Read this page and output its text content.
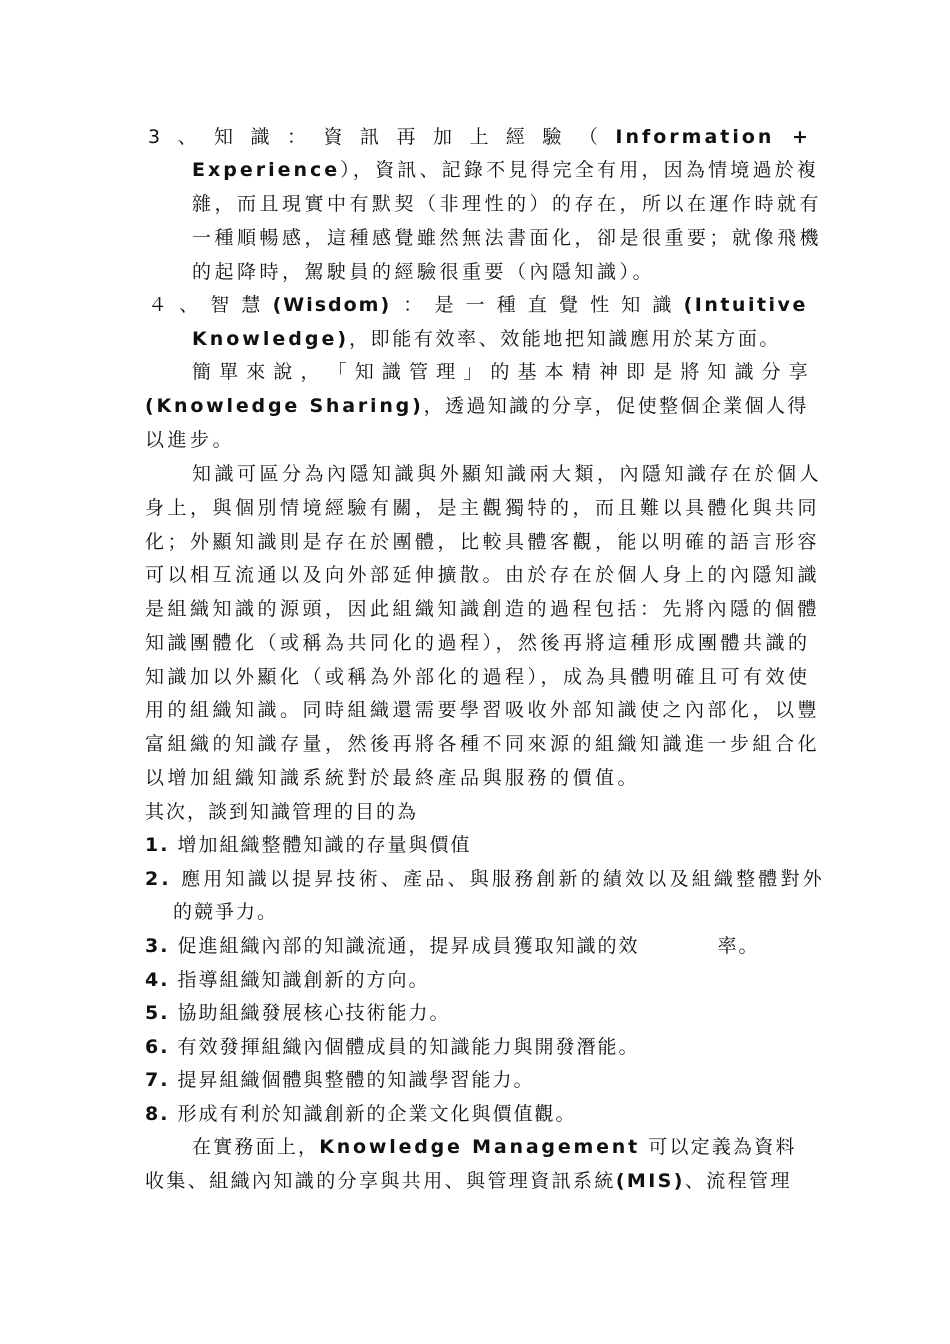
3 、 知 識 ： 資 訊 再 加 上 經 驗 （ Information +
Experience），資訊、記錄不見得完全有用，因為情境過於複
雜，而且現實中有默契（非理性的）的存在，所以在運作時就有
一種順暢感，這種感覺雖然無法書面化，卻是很重要；就像飛機
的起降時，駕駛員的經驗很重要（內隱知識）。
４ 、 智 慧 (Wisdom) ： 是 一 種 直 覺 性 知 識 (Intuitive
Knowledge)，即能有效率、效能地把知識應用於某方面。
簡 單 來 說 ， 「 知 識 管 理 」 的 基 本 精 神 即 是 將 知 識 分 享
(Knowledge Sharing)，透過知識的分享，促使整個企業個人得
以進步。
知識可區分為內隱知識與外顯知識兩大類，內隱知識存在於個人
身上，與個別情境經驗有關，是主觀獨特的，而且難以具體化與共同
化；外顯知識則是存在於團體，比較具體客觀，能以明確的語言形容
可以相互流通以及向外部延伸擴散。由於存在於個人身上的內隱知識
是組織知識的源頭，因此組織知識創造的過程包括：先將內隱的個體
知識團體化（或稱為共同化的過程），然後再將這種形成團體共識的
知識加以外顯化（或稱為外部化的過程），成為具體明確且可有效使
用的組織知識。同時組織還需要學習吸收外部知識使之內部化，以豐
富組織的知識存量，然後再將各種不同來源的組織知識進一步組合化
以增加組織知識系統對於最終產品與服務的價值。
其次，談到知識管理的目的為
1. 增加組織整體知識的存量與價值
2. 應用知識以提昇技術、產品、與服務創新的績效以及組織整體對外
的競爭力。
3. 促進組織內部的知識流通，提昇成員獲取知識的效	率。
4. 指導組織知識創新的方向。
5. 協助組織發展核心技術能力。
6. 有效發揮組織內個體成員的知識能力與開發潛能。
7. 提昇組織個體與整體的知識學習能力。
8. 形成有利於知識創新的企業文化與價值觀。
在實務面上，Knowledge Management 可以定義為資料
收集、組織內知識的分享與共用、與管理資訊系統(MIS)、流程管理
